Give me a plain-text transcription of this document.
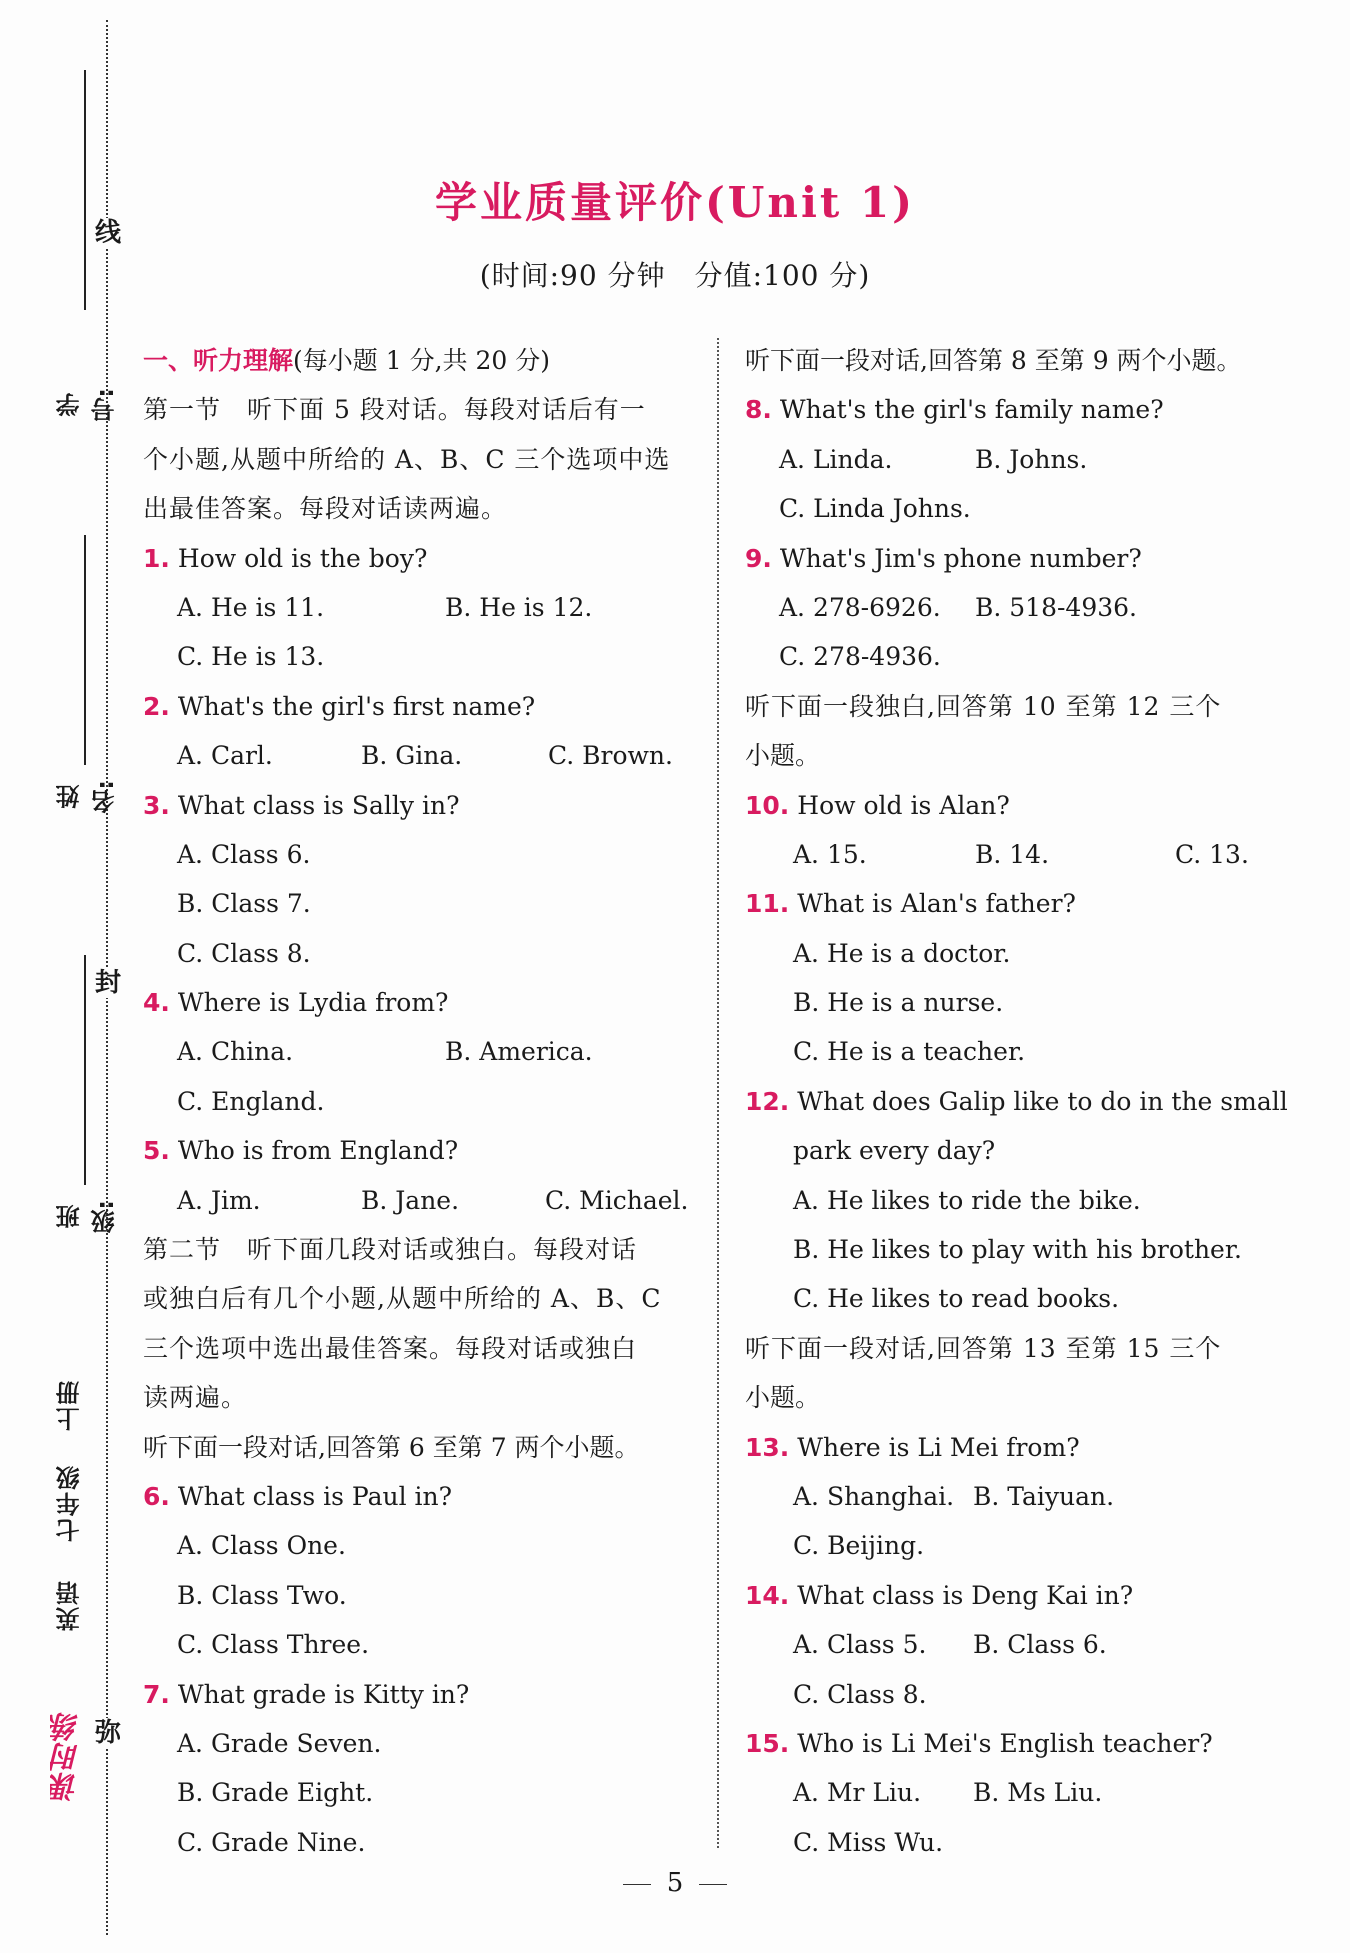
线
封
弥
学号:
姓名:
班级:
上册
七年级
英语
课时练
学业质量评价(Unit 1)
(时间:90 分钟　分值:100 分)
一、听力理解(每小题 1 分,共 20 分)
第一节　听下面 5 段对话。每段对话后有一
个小题,从题中所给的 A、B、C 三个选项中选
出最佳答案。每段对话读两遍。
1. How old is the boy?
A. He is 11.	B. He is 12.
C. He is 13.
2. What's the girl's first name?
A. Carl.	B. Gina.	C. Brown.
3. What class is Sally in?
A. Class 6.
B. Class 7.
C. Class 8.
4. Where is Lydia from?
A. China.	B. America.
C. England.
5. Who is from England?
A. Jim.	B. Jane.	C. Michael.
第二节　听下面几段对话或独白。每段对话
或独白后有几个小题,从题中所给的 A、B、C
三个选项中选出最佳答案。每段对话或独白
读两遍。
听下面一段对话,回答第 6 至第 7 两个小题。
6. What class is Paul in?
A. Class One.
B. Class Two.
C. Class Three.
7. What grade is Kitty in?
A. Grade Seven.
B. Grade Eight.
C. Grade Nine.
听下面一段对话,回答第 8 至第 9 两个小题。
8. What's the girl's family name?
A. Linda.	B. Johns.
C. Linda Johns.
9. What's Jim's phone number?
A. 278-6926. B. 518-4936.
C. 278-4936.
听下面一段独白,回答第 10 至第 12 三个
小题。
10. How old is Alan?
A. 15.	B. 14.	C. 13.
11. What is Alan's father?
A. He is a doctor.
B. He is a nurse.
C. He is a teacher.
12. What does Galip like to do in the small
park every day?
A. He likes to ride the bike.
B. He likes to play with his brother.
C. He likes to read books.
听下面一段对话,回答第 13 至第 15 三个
小题。
13. Where is Li Mei from?
A. Shanghai. B. Taiyuan.
C. Beijing.
14. What class is Deng Kai in?
A. Class 5. B. Class 6.
C. Class 8.
15. Who is Li Mei's English teacher?
A. Mr Liu. B. Ms Liu.
C. Miss Wu.
5
